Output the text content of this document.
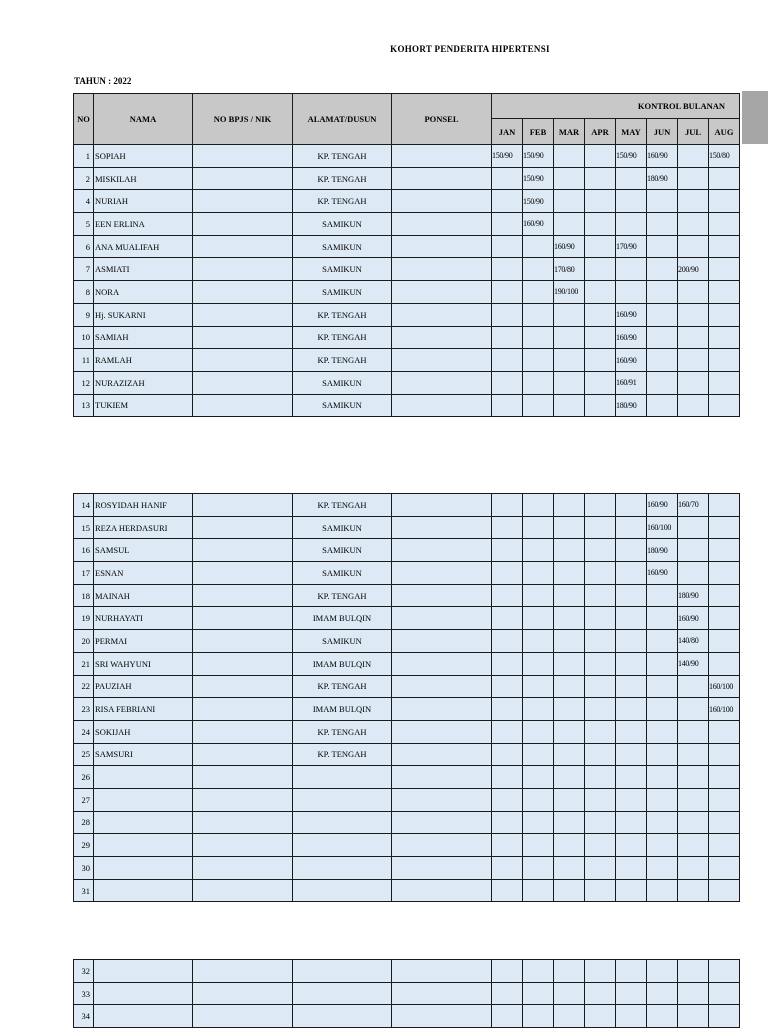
KOHORT PENDERITA HIPERTENSI
TAHUN : 2022
NO	NAMA	NO BPJS / NIK	ALAMAT/DUSUN	PONSEL	KONTROL BULANAN							
					JAN	FEB	MAR	APR	MAY	JUN	JUL	AUG
1	SOPIAH		KP. TENGAH		150/90	150/90			150/90	160/90		150/80
2	MISKILAH		KP. TENGAH			150/90				180/90		
4	NURIAH		KP. TENGAH			150/90						
5	EEN ERLINA		SAMIKUN			160/90						
6	ANA MUALIFAH		SAMIKUN				160/90		170/90			
7	ASMIATI		SAMIKUN				170/80				200/90	
8	NORA		SAMIKUN				190/100					
9	Hj. SUKARNI		KP. TENGAH						160/90			
10	SAMIAH		KP. TENGAH						160/90			
11	RAMLAH		KP. TENGAH						160/90			
12	NURAZIZAH		SAMIKUN						160/91			
13	TUKIEM		SAMIKUN						180/90			
14	ROSYIDAH HANIF		KP. TENGAH							160/90	160/70	
15	REZA HERDASURI		SAMIKUN							160/100		
16	SAMSUL		SAMIKUN							180/90		
17	ESNAN		SAMIKUN							160/90		
18	MAINAH		KP. TENGAH								180/90	
19	NURHAYATI		IMAM BULQIN								160/90	
20	PERMAI		SAMIKUN								140/80	
21	SRI WAHYUNI		IMAM BULQIN								140/90	
22	PAUZIAH		KP. TENGAH									160/100
23	RISA FEBRIANI		IMAM BULQIN									160/100
24	SOKIJAH		KP. TENGAH									
25	SAMSURI		KP. TENGAH									
26												
27												
28												
29												
30												
31												
32												
33												
34												
